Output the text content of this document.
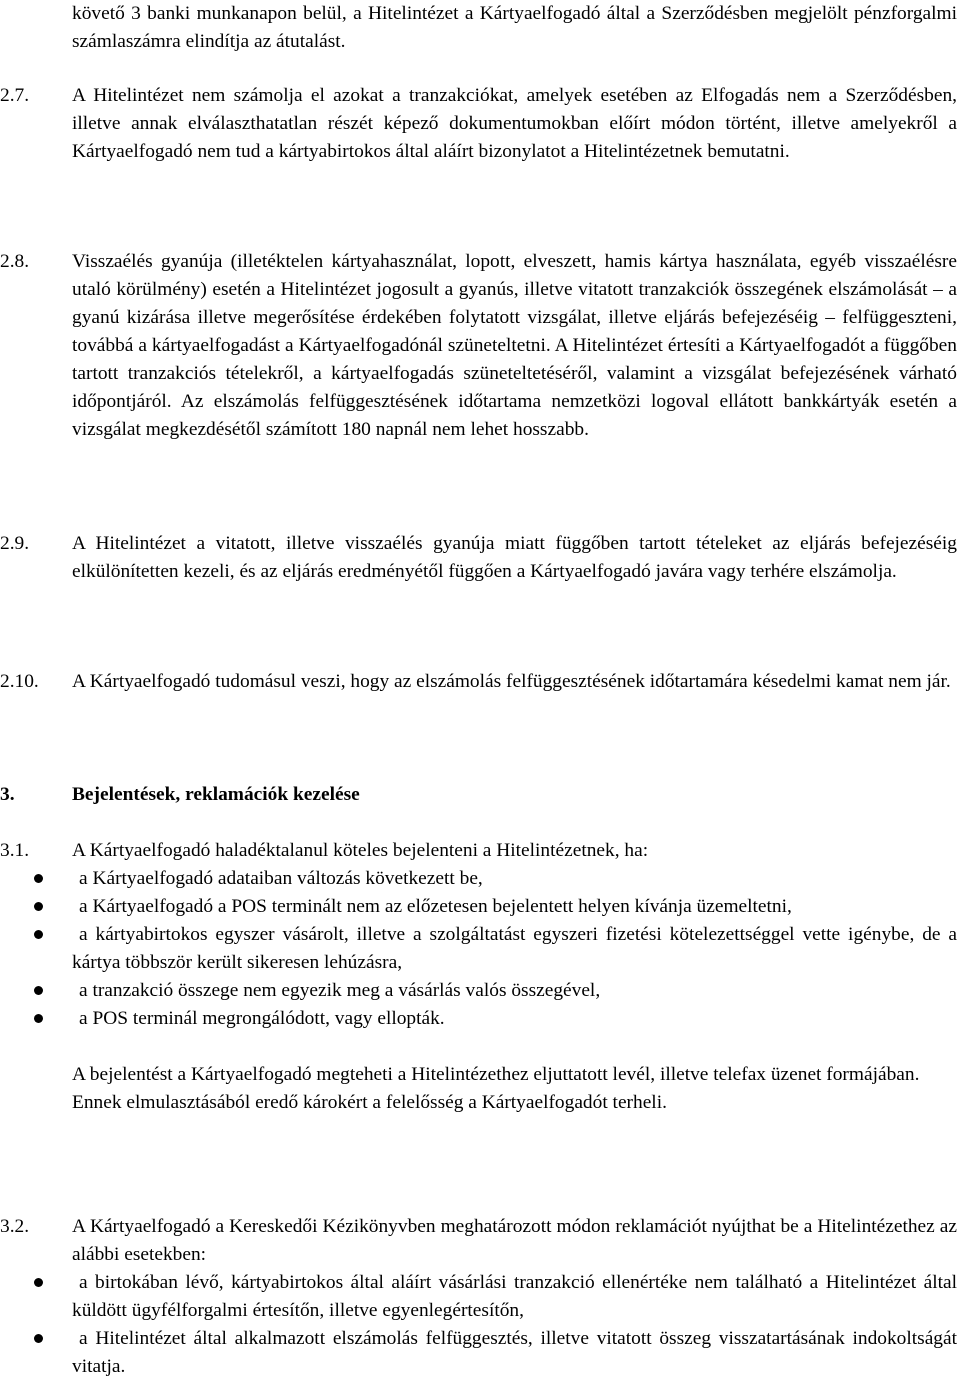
követő 3 banki munkanapon belül, a Hitelintézet a Kártyaelfogadó által a Szerződésben megjelölt pénzforgalmi számlaszámra elindítja az átutalást.

2.7.	A Hitelintézet nem számolja el azokat a tranzakciókat, amelyek esetében az Elfogadás nem a Szerződésben, illetve annak elválaszthatatlan részét képező dokumentumokban előírt módon történt, illetve amelyekről a Kártyaelfogadó nem tud a kártyabirtokos által aláírt bizonylatot a Hitelintézetnek bemutatni.

2.8.	Visszaélés gyanúja (illetéktelen kártyahasználat, lopott, elveszett, hamis kártya használata, egyéb visszaélésre utaló körülmény) esetén a Hitelintézet jogosult a gyanús, illetve vitatott tranzakciók összegének elszámolását – a gyanú kizárása illetve megerősítése érdekében folytatott vizsgálat, illetve eljárás befejezéséig – felfüggeszteni, továbbá a kártyaelfogadást a Kártyaelfogadónál szüneteltetni. A Hitelintézet értesíti a Kártyaelfogadót a függőben tartott tranzakciós tételekről, a kártyaelfogadás szüneteltetéséről, valamint a vizsgálat befejezésének várható időpontjáról. Az elszámolás felfüggesztésének időtartama nemzetközi logoval ellátott bankkártyák esetén a vizsgálat megkezdésétől számított 180 napnál nem lehet hosszabb.

2.9.	A Hitelintézet a vitatott, illetve visszaélés gyanúja miatt függőben tartott tételeket az eljárás befejezéséig elkülönítetten kezeli, és az eljárás eredményétől függően a Kártyaelfogadó javára vagy terhére elszámolja.

2.10.	A Kártyaelfogadó tudomásul veszi, hogy az elszámolás felfüggesztésének időtartamára késedelmi kamat nem jár.

3.	Bejelentések, reklamációk kezelése

3.1.	A Kártyaelfogadó haladéktalanul köteles bejelenteni a Hitelintézetnek, ha:

a Kártyaelfogadó adataiban változás következett be,
a Kártyaelfogadó a POS terminált nem az előzetesen bejelentett helyen kívánja üzemeltetni,
a kártyabirtokos egyszer vásárolt, illetve a szolgáltatást egyszeri fizetési kötelezettséggel vette igénybe, de a kártya többször került sikeresen lehúzásra,
a tranzakció összege nem egyezik meg a vásárlás valós összegével,
a POS terminál megrongálódott, vagy ellopták.

A bejelentést a Kártyaelfogadó megteheti a Hitelintézethez eljuttatott levél, illetve telefax üzenet formájában.

Ennek elmulasztásából eredő károkért a felelősség a Kártyaelfogadót terheli.

3.2.	A Kártyaelfogadó a Kereskedői Kézikönyvben meghatározott módon reklamációt nyújthat be a Hitelintézethez az alábbi esetekben:

a birtokában lévő, kártyabirtokos által aláírt vásárlási tranzakció ellenértéke nem található a Hitelintézet által küldött ügyfélforgalmi értesítőn, illetve egyenlegértesítőn,
a Hitelintézet által alkalmazott elszámolás felfüggesztés, illetve vitatott összeg visszatartásának indokoltságát vitatja.
